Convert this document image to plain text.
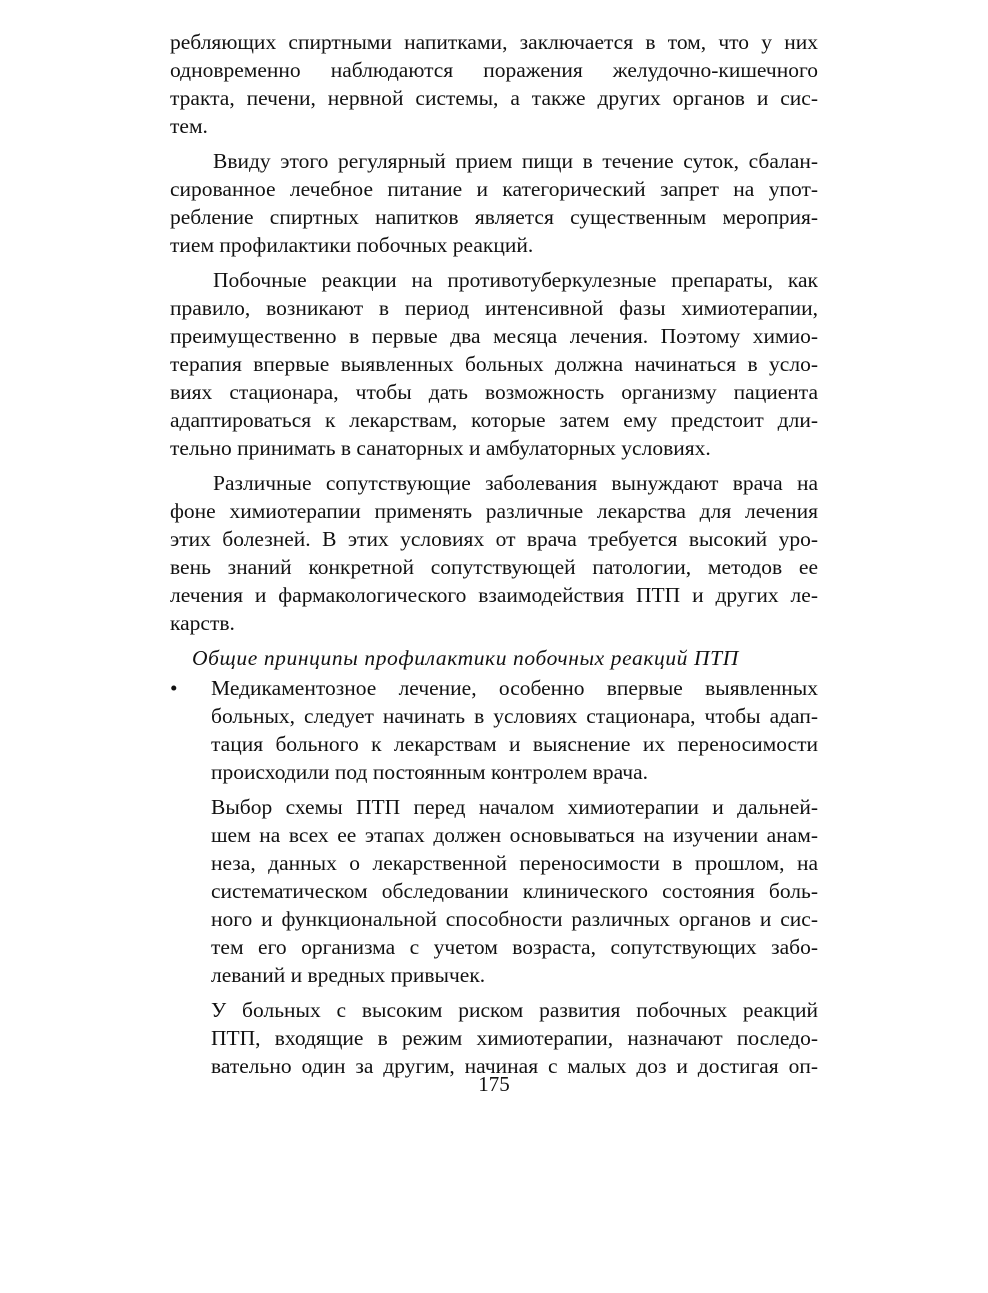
ребляющих спиртными напитками, заключается в том, что у них
одновременно наблюдаются поражения желудочно-кишечного
тракта, печени, нервной системы, а также других органов и сис-
тем.
Ввиду этого регулярный прием пищи в течение суток, сбалан-
сированное лечебное питание и категорический запрет на упот-
ребление спиртных напитков является существенным мероприя-
тием профилактики побочных реакций.
Побочные реакции на противотуберкулезные препараты, как
правило, возникают в период интенсивной фазы химиотерапии,
преимущественно в первые два месяца лечения. Поэтому химио-
терапия впервые выявленных больных должна начинаться в усло-
виях стационара, чтобы дать возможность организму пациента
адаптироваться к лекарствам, которые затем ему предстоит дли-
тельно принимать в санаторных и амбулаторных условиях.
Различные сопутствующие заболевания вынуждают врача на
фоне химиотерапии применять различные лекарства для лечения
этих болезней. В этих условиях от врача требуется высокий уро-
вень знаний конкретной сопутствующей патологии, методов ее
лечения и фармакологического взаимодействия ПТП и других ле-
карств.
Общие принципы профилактики побочных реакций ПТП
•	Медикаментозное лечение, особенно впервые выявленных
больных, следует начинать в условиях стационара, чтобы адап-
тация больного к лекарствам и выяснение их переносимости
происходили под постоянным контролем врача.
Выбор схемы ПТП перед началом химиотерапии и дальней-
шем на всех ее этапах должен основываться на изучении анам-
неза, данных о лекарственной переносимости в прошлом, на
систематическом обследовании клинического состояния боль-
ного и функциональной способности различных органов и сис-
тем его организма с учетом возраста, сопутствующих забо-
леваний и вредных привычек.
У больных с высоким риском развития побочных реакций
ПТП, входящие в режим химиотерапии, назначают последо-
вательно один за другим, начиная с малых доз и достигая оп-
175
